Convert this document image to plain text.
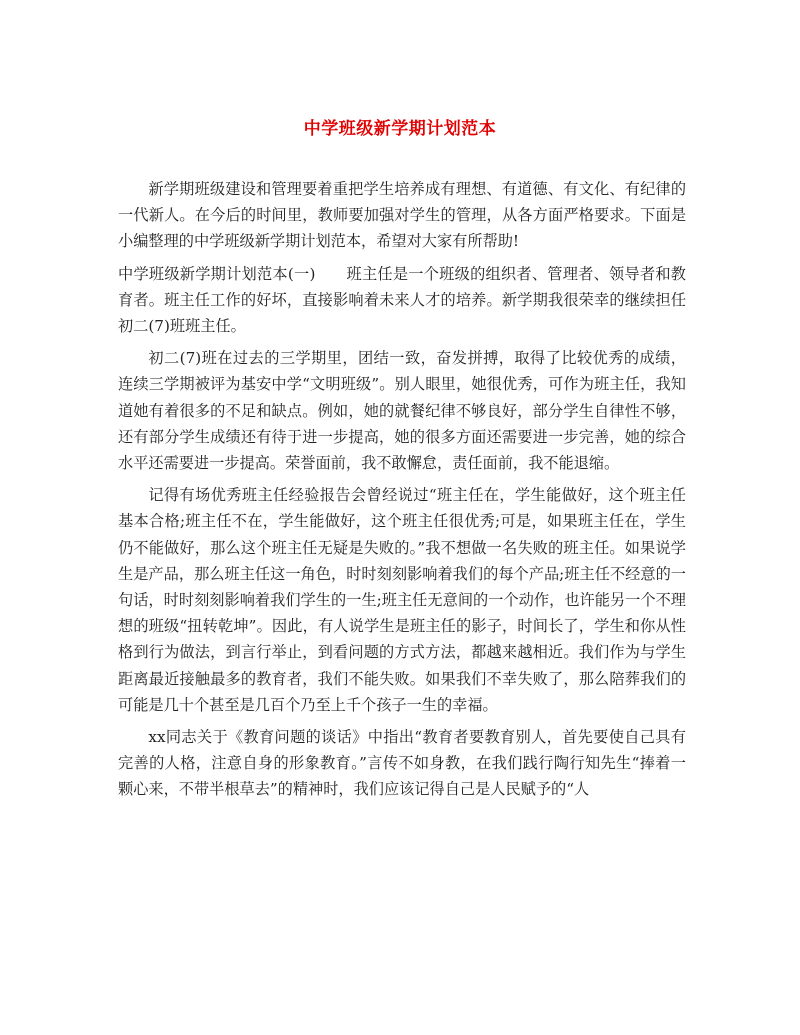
中学班级新学期计划范本

新学期班级建设和管理要着重把学生培养成有理想、有道德、有文化、有纪律的一代新人。在今后的时间里，教师要加强对学生的管理，从各方面严格要求。下面是小编整理的中学班级新学期计划范本，希望对大家有所帮助!

中学班级新学期计划范本(一)　　班主任是一个班级的组织者、管理者、领导者和教育者。班主任工作的好坏，直接影响着未来人才的培养。新学期我很荣幸的继续担任初二(7)班班主任。

初二(7)班在过去的三学期里，团结一致，奋发拼搏，取得了比较优秀的成绩，连续三学期被评为基安中学“文明班级”。别人眼里，她很优秀，可作为班主任，我知道她有着很多的不足和缺点。例如，她的就餐纪律不够良好，部分学生自律性不够，还有部分学生成绩还有待于进一步提高，她的很多方面还需要进一步完善，她的综合水平还需要进一步提高。荣誉面前，我不敢懈怠，责任面前，我不能退缩。

记得有场优秀班主任经验报告会曾经说过“班主任在，学生能做好，这个班主任基本合格;班主任不在，学生能做好，这个班主任很优秀;可是，如果班主任在，学生仍不能做好，那么这个班主任无疑是失败的。”我不想做一名失败的班主任。如果说学生是产品，那么班主任这一角色，时时刻刻影响着我们的每个产品;班主任不经意的一句话，时时刻刻影响着我们学生的一生;班主任无意间的一个动作，也许能另一个不理想的班级“扭转乾坤”。因此，有人说学生是班主任的影子，时间长了，学生和你从性格到行为做法，到言行举止，到看问题的方式方法，都越来越相近。我们作为与学生距离最近接触最多的教育者，我们不能失败。如果我们不幸失败了，那么陪葬我们的可能是几十个甚至是几百个乃至上千个孩子一生的幸福。

xx同志关于《教育问题的谈话》中指出“教育者要教育别人，首先要使自己具有完善的人格，注意自身的形象教育。”言传不如身教，在我们践行陶行知先生“捧着一颗心来，不带半根草去”的精神时，我们应该记得自己是人民赋予的“人
